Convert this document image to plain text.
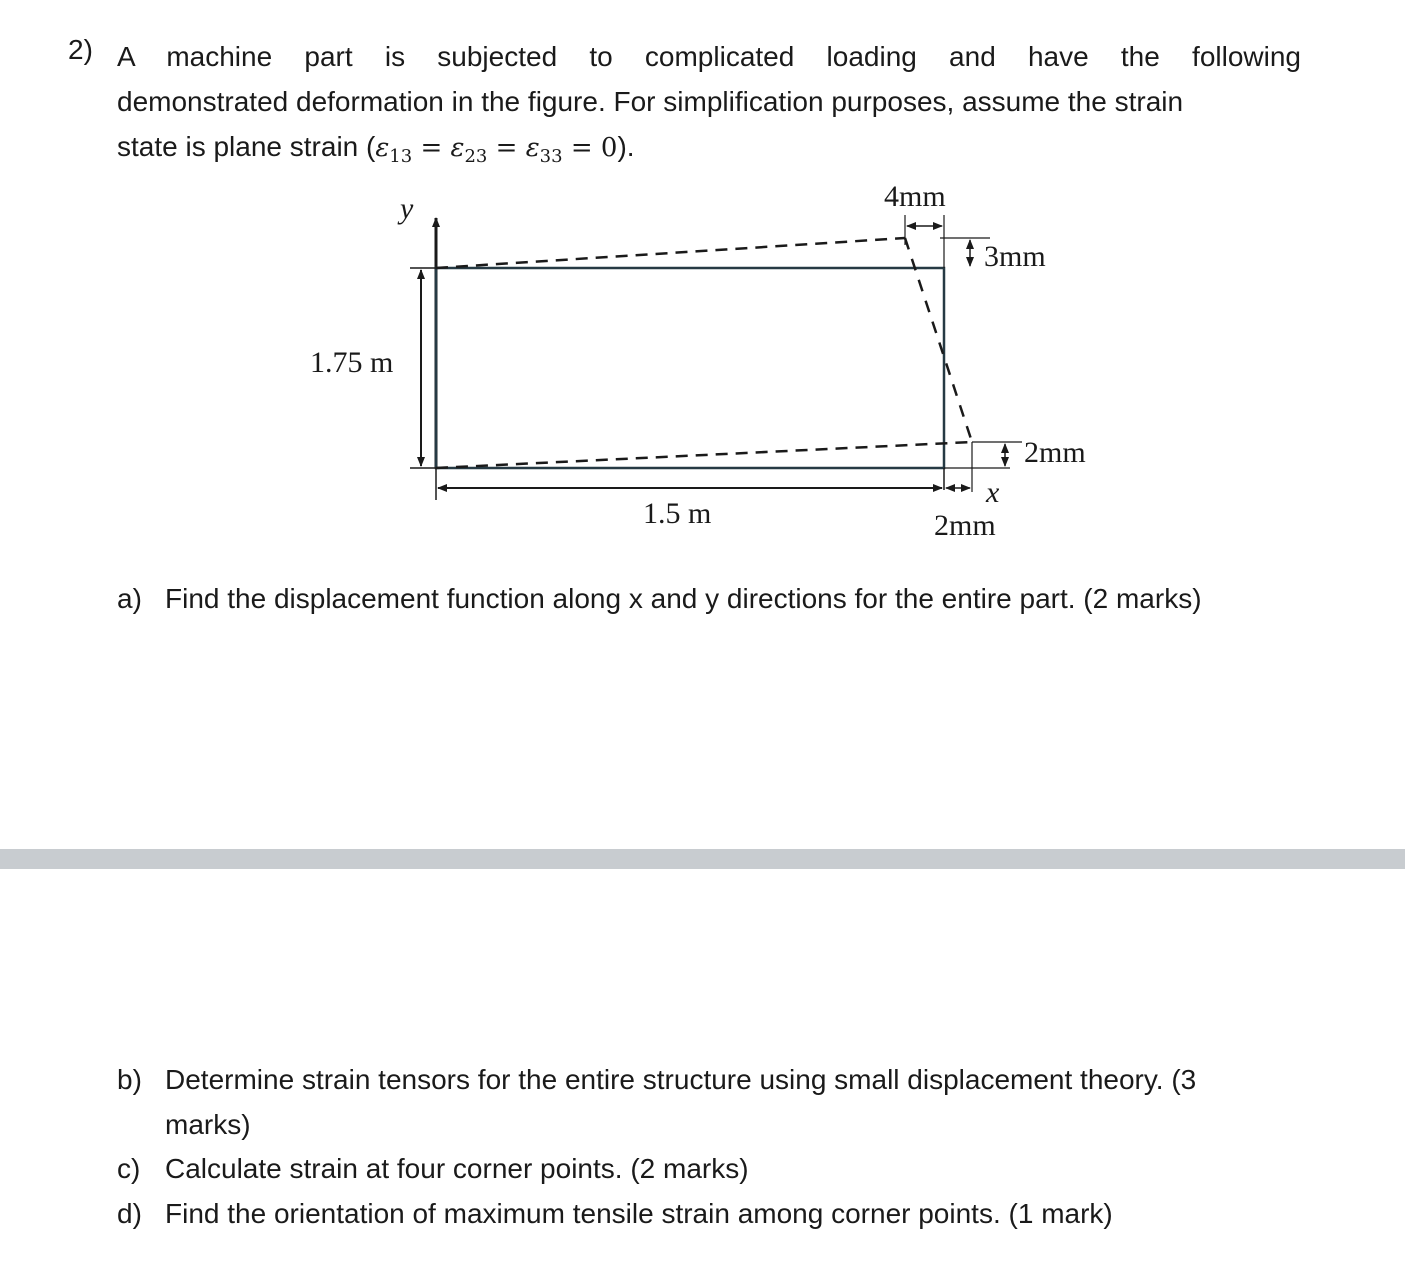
2) A machine part is subjected to complicated loading and have the following
demonstrated deformation in the figure. For simplification purposes, assume the strain
state is plane strain $(\varepsilon_{13} = \varepsilon_{23} = \varepsilon_{33} = 0)$.
y
1.75 m
1.5 m
x
2mm
2mm
4mm
3mm
a) Find the displacement function along x and y directions for the entire part. (2 marks)
b) Determine strain tensors for the entire structure using small displacement theory. (3
marks)
c) Calculate strain at four corner points. (2 marks)
d) Find the orientation of maximum tensile strain among corner points. (1 mark)
